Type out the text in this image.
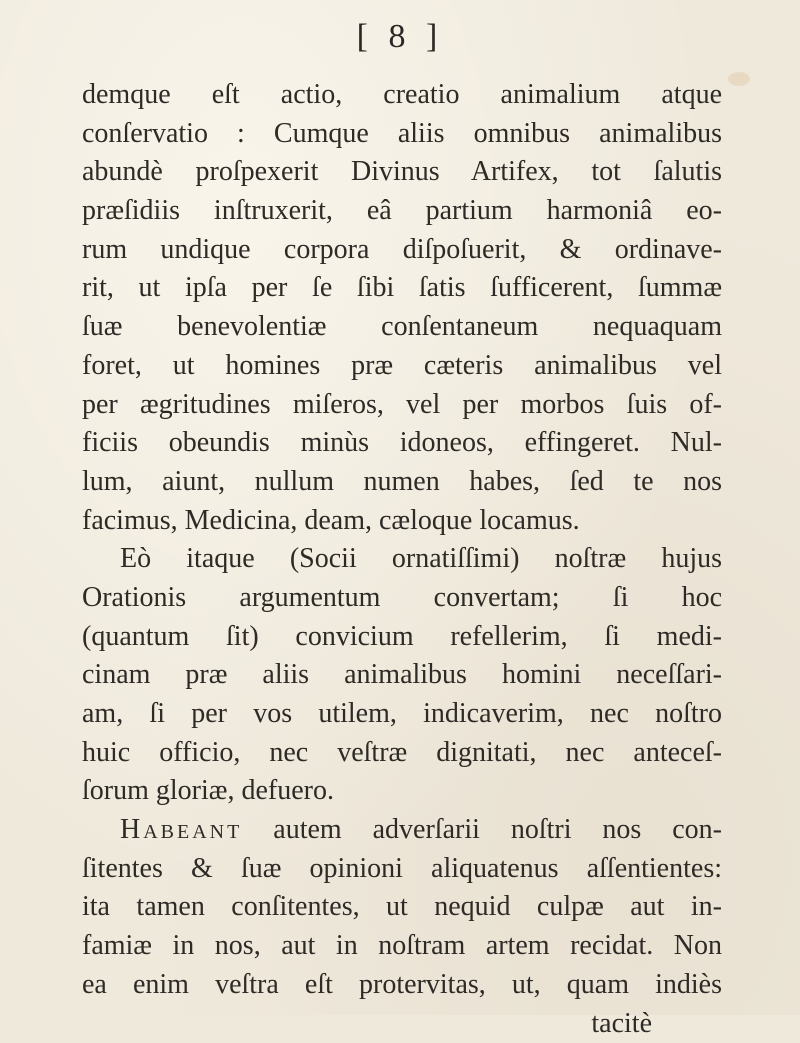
[ 8 ]
demque eſt actio, creatio animalium atque
conſervatio : Cumque aliis omnibus animalibus
abundè proſpexerit Divinus Artifex, tot ſalutis
præſidiis inſtruxerit, eâ partium harmoniâ eo-
rum undique corpora diſpoſuerit, & ordinave-
rit, ut ipſa per ſe ſibi ſatis ſufficerent, ſummæ
ſuæ benevolentiæ conſentaneum nequaquam
foret, ut homines præ cæteris animalibus vel
per ægritudines miſeros, vel per morbos ſuis of-
ficiis obeundis minùs idoneos, effingeret. Nul-
lum, aiunt, nullum numen habes, ſed te nos
facimus, Medicina, deam, cæloque locamus.
Eò itaque (Socii ornatiſſimi) noſtræ hujus
Orationis argumentum convertam; ſi hoc
(quantum ſit) convicium refellerim, ſi medi-
cinam præ aliis animalibus homini neceſſari-
am, ſi per vos utilem, indicaverim, nec noſtro
huic officio, nec veſtræ dignitati, nec anteceſ-
ſorum gloriæ, defuero.
Habeant autem adverſarii noſtri nos con-
ſitentes & ſuæ opinioni aliquatenus aſſentientes:
ita tamen conſitentes, ut nequid culpæ aut in-
famiæ in nos, aut in noſtram artem recidat. Non
ea enim veſtra eſt protervitas, ut, quam indiès
tacitè
